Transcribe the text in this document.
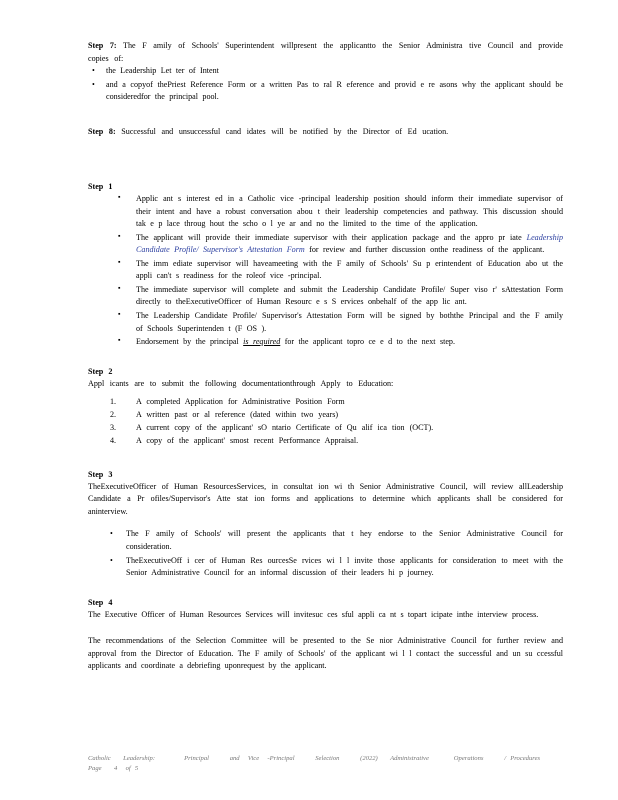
Step 7: The F amily of Schools' Superintendent willpresent the applicantto the Senior Administra tive Council and provide copies of:

• the Leadership Let ter of Intent
• and a copyof thePriest Reference Form or a written Pas to ral R eference and provid e re asons why the applicant should be consideredfor the principal pool.

Step 8: Successful and unsuccessful cand idates will be notified by the Director of Ed ucation.

Step 1
▪ Applic ant s interest ed in a Catholic vice -principal leadership position should inform their immediate supervisor of their intent and have a robust conversation abou t their leadership competencies and pathway. This discussion should tak e p lace throug hout the scho o l ye ar and no the limited to the time of the application.
▪ The applicant will provide their immediate supervisor with their application package and the appro pr iate Leadership Candidate Profile/ Supervisor's Attestation Form for review and further discussion onthe readiness of the applicant.
▪ The imm ediate supervisor will haveameeting with the F amily of Schools' Su p erintendent of Education abo ut the appli can't s readiness for the roleof vice -principal.
▪ The immediate supervisor will complete and submit the Leadership Candidate Profile/ Super viso r' sAttestation Form directly to theExecutiveOfficer of Human Resourc e s S ervices onbehalf of the app lic ant.
▪ The Leadership Candidate Profile/ Supervisor's Attestation Form will be signed by boththe Principal and the F amily of Schools Superintenden t (F OS ).
▪ Endorsement by the principal is required for the applicant topro ce e d to the next step.
Step 2

Appl icants are to submit the following documentationthrough Apply to Education:

A completed Application for Administrative Position Form
A written past or al reference (dated within two years)
A current copy of the applicant' sO ntario Certificate of Qu alif ica tion (OCT).
A copy of the applicant' smost recent Performance Appraisal.
Step 3

TheExecutiveOfficer of Human ResourcesServices, in consultat ion wi th Senior Administrative Council, will review allLeadership Candidate a Pr ofiles/Supervisor's Atte stat ion forms and applications to determine which applicants shall be considered for aninterview.

• The F amily of Schools' will present the applicants that t hey endorse to the Senior Administrative Council for consideration.
• TheExecutiveOff i cer of Human Res ourcesSe rvices wi l l invite those applicants for consideration to meet with the Senior Administrative Council for an informal discussion of their leaders hi p journey.
Step 4

The Executive Officer of Human Resources Services will invitesuc ces sful appli ca nt s topart icipate inthe interview process.

The recommendations of the Selection Committee will be presented to the Se nior Administrative Council for further review and approval from the Director of Education. The F amily of Schools' of the applicant wi l l contact the successful and un su ccessful applicants and coordinate a debriefing uponrequest by the applicant.

Catholic   Leadership:       Principal     and  Vice  -Principal     Selection     (2022)   Administrative      Operations     / Procedures
Page   4  of 5
